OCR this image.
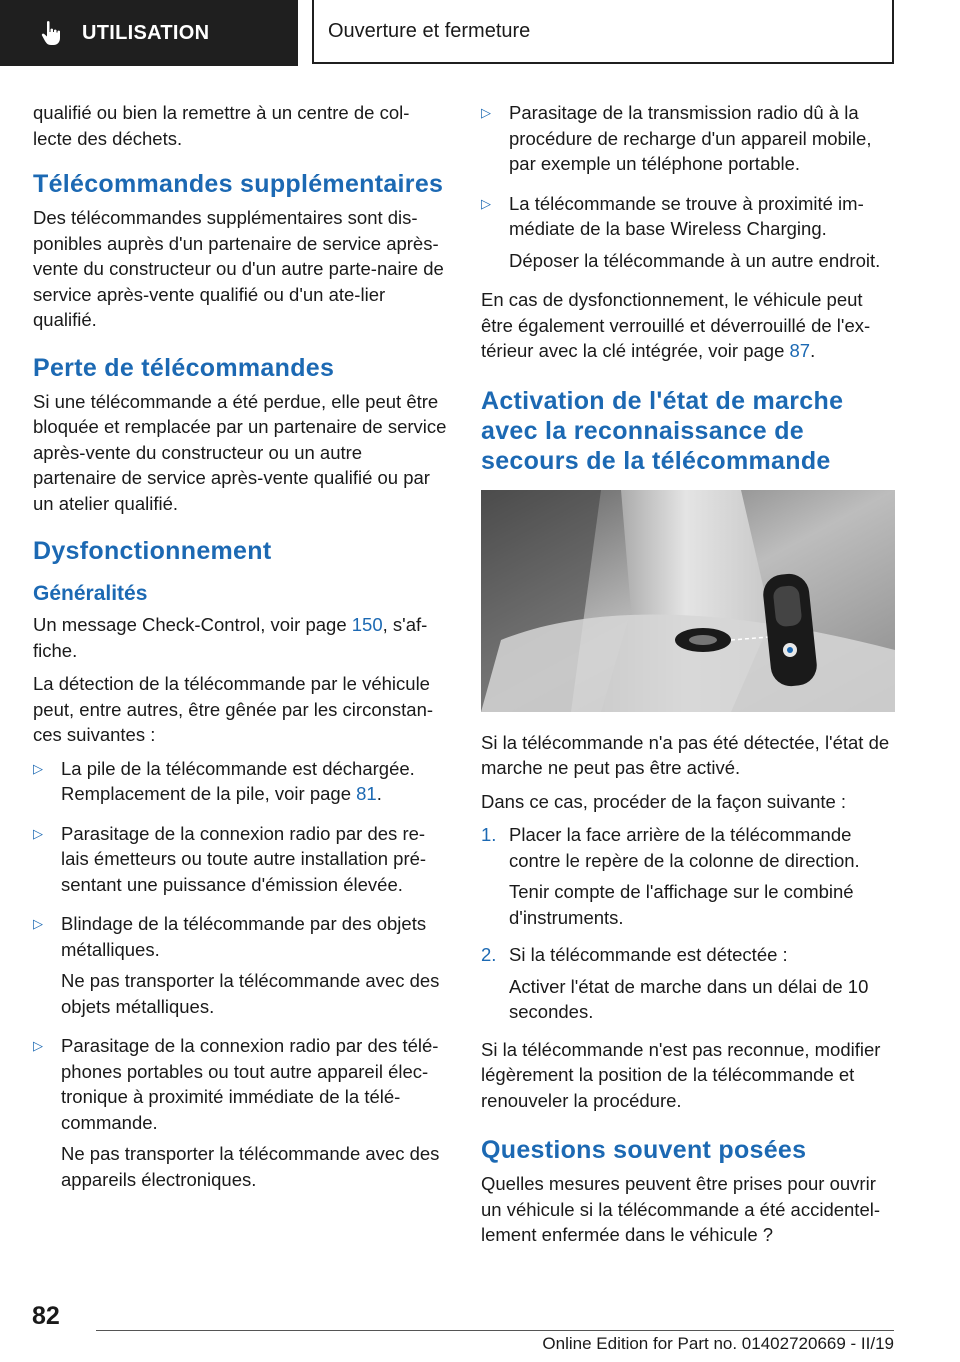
UTILISATION	Ouverture et fermeture

qualifié ou bien la remettre à un centre de col‐lecte des déchets.

Télécommandes supplémentaires

Des télécommandes supplémentaires sont dis‐ponibles auprès d'un partenaire de service après-vente du constructeur ou d'un autre parte‐naire de service après-vente qualifié ou d'un ate‐lier qualifié.

Perte de télécommandes

Si une télécommande a été perdue, elle peut être bloquée et remplacée par un partenaire de service après-vente du constructeur ou un autre partenaire de service après-vente qualifié ou par un atelier qualifié.

Dysfonctionnement
Généralités

Un message Check-Control, voir page 150, s'af‐fiche.

La détection de la télécommande par le véhicule peut, entre autres, être gênée par les circonstan‐ces suivantes :

▷ La pile de la télécommande est déchargée.

Remplacement de la pile, voir page 81.

▷ Parasitage de la connexion radio par des re‐lais émetteurs ou toute autre installation pré‐sentant une puissance d'émission élevée.

▷ Blindage de la télécommande par des objets métalliques.

Ne pas transporter la télécommande avec des objets métalliques.

▷ Parasitage de la connexion radio par des télé‐phones portables ou tout autre appareil élec‐tronique à proximité immédiate de la télé‐commande.

Ne pas transporter la télécommande avec des appareils électroniques.

▷ Parasitage de la transmission radio dû à la procédure de recharge d'un appareil mobile, par exemple un téléphone portable.

▷ La télécommande se trouve à proximité im‐médiate de la base Wireless Charging.

Déposer la télécommande à un autre endroit.

En cas de dysfonctionnement, le véhicule peut être également verrouillé et déverrouillé de l'ex‐térieur avec la clé intégrée, voir page 87.

Activation de l'état de marche avec la reconnaissance de secours de la télécommande

Si la télécommande n'a pas été détectée, l'état de marche ne peut pas être activé.

Dans ce cas, procéder de la façon suivante :

1. Placer la face arrière de la télécommande contre le repère de la colonne de direction.

Tenir compte de l'affichage sur le combiné d'instruments.

2. Si la télécommande est détectée :

Activer l'état de marche dans un délai de 10 secondes.

Si la télécommande n'est pas reconnue, modifier légèrement la position de la télécommande et renouveler la procédure.

Questions souvent posées

Quelles mesures peuvent être prises pour ouvrir un véhicule si la télécommande a été accidentel‐lement enfermée dans le véhicule ?

82
Online Edition for Part no. 01402720669 - II/19
